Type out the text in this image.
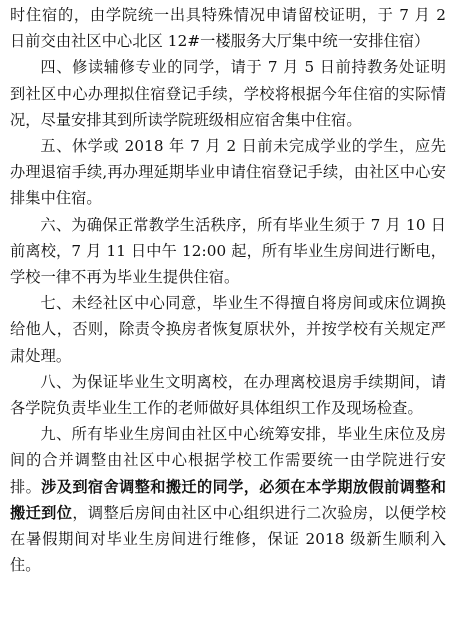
时住宿的，由学院统一出具特殊情况申请留校证明，于 7 月 2 日前交由社区中心北区 12#一楼服务大厅集中统一安排住宿）

四、修读辅修专业的同学，请于 7 月 5 日前持教务处证明到社区中心办理拟住宿登记手续，学校将根据今年住宿的实际情况，尽量安排其到所读学院班级相应宿舍集中住宿。

五、休学或 2018 年 7 月 2 日前未完成学业的学生，应先办理退宿手续,再办理延期毕业申请住宿登记手续，由社区中心安排集中住宿。

六、为确保正常教学生活秩序，所有毕业生须于 7 月 10 日前离校，7 月 11 日中午 12:00 起，所有毕业生房间进行断电，学校一律不再为毕业生提供住宿。

七、未经社区中心同意，毕业生不得擅自将房间或床位调换给他人，否则，除责令换房者恢复原状外，并按学校有关规定严肃处理。

八、为保证毕业生文明离校，在办理离校退房手续期间，请各学院负责毕业生工作的老师做好具体组织工作及现场检查。

九、所有毕业生房间由社区中心统筹安排，毕业生床位及房间的合并调整由社区中心根据学校工作需要统一由学院进行安排。涉及到宿舍调整和搬迁的同学，必须在本学期放假前调整和搬迁到位，调整后房间由社区中心组织进行二次验房，以便学校在暑假期间对毕业生房间进行维修，保证 2018 级新生顺利入住。
